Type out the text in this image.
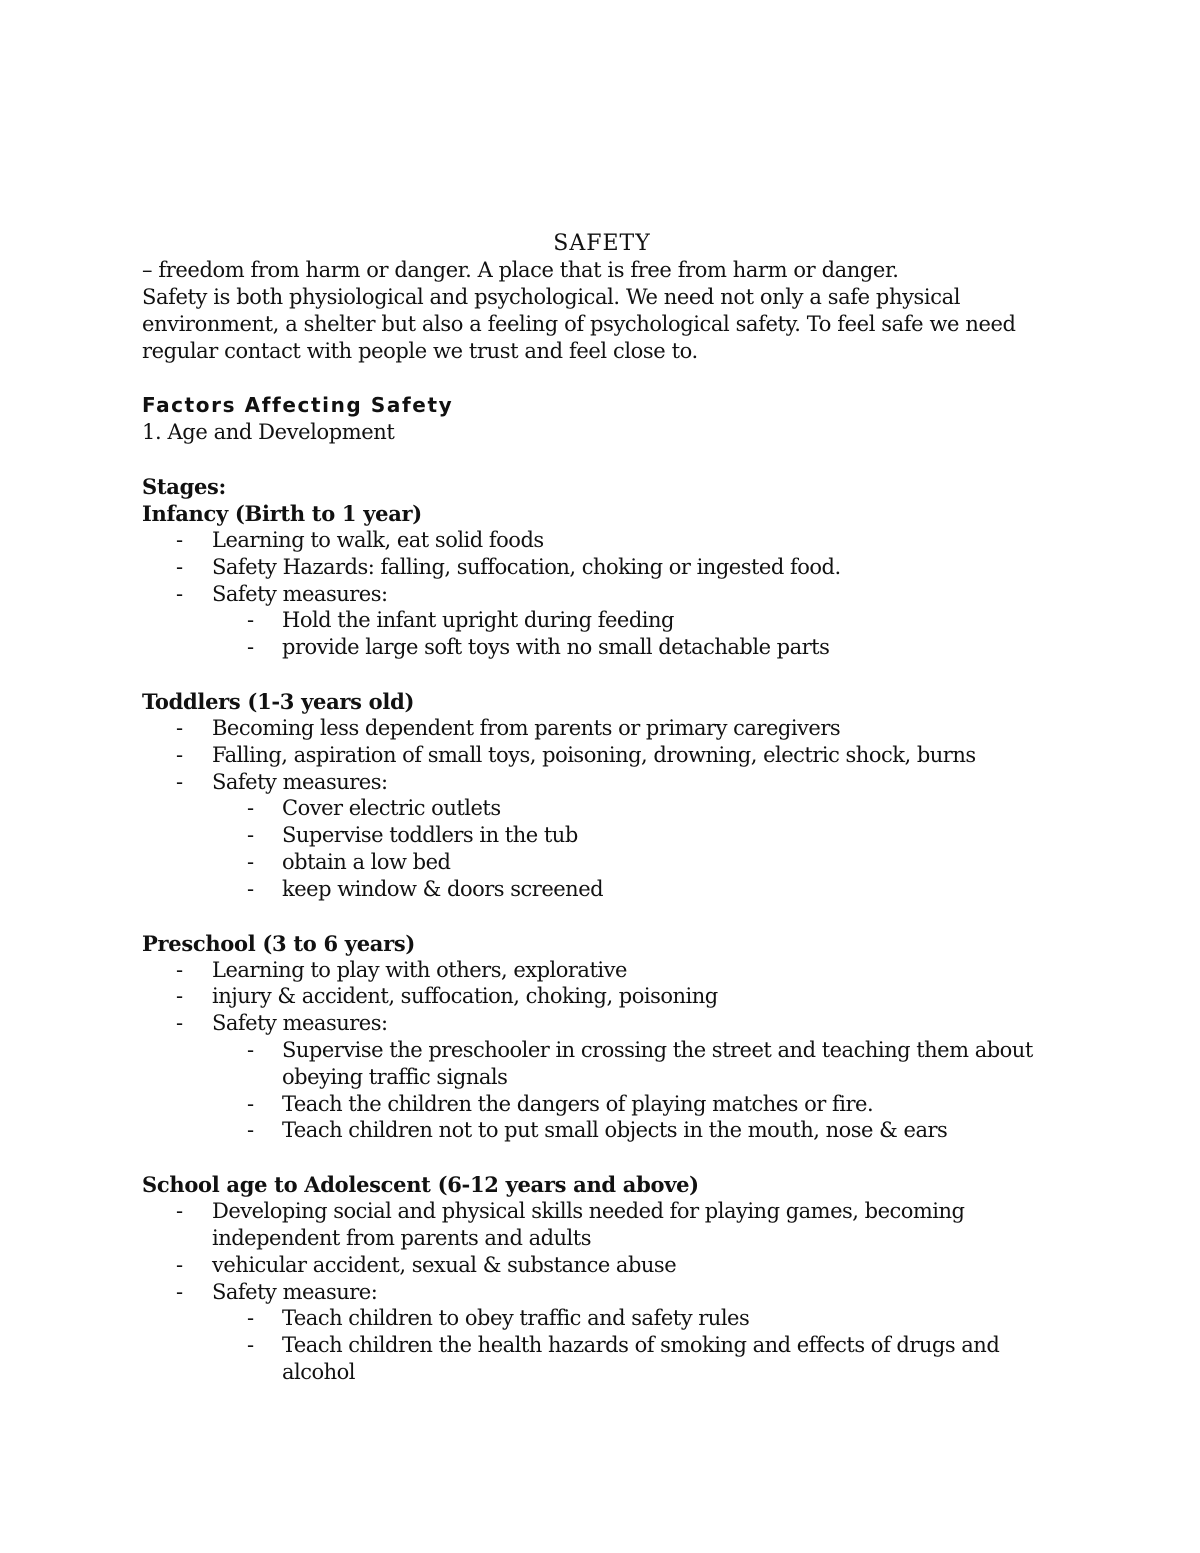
SAFETY

– freedom from harm or danger. A place that is free from harm or danger.

Safety is both physiological and psychological. We need not only a safe physical environment, a shelter but also a feeling of psychological safety. To feel safe we need regular contact with people we trust and feel close to.

Factors Affecting Safety

1. Age and Development

Stages:

Infancy (Birth to 1 year)

- Learning to walk, eat solid foods
- Safety Hazards: falling, suffocation, choking or ingested food.
- Safety measures:
- Hold the infant upright during feeding
- provide large soft toys with no small detachable parts

Toddlers (1-3 years old)

- Becoming less dependent from parents or primary caregivers
- Falling, aspiration of small toys, poisoning, drowning, electric shock, burns
- Safety measures:
- Cover electric outlets
- Supervise toddlers in the tub
- obtain a low bed
- keep window & doors screened

Preschool (3 to 6 years)

- Learning to play with others, explorative
- injury & accident, suffocation, choking, poisoning
- Safety measures:
- Supervise the preschooler in crossing the street and teaching them about obeying traffic signals
- Teach the children the dangers of playing matches or fire.
- Teach children not to put small objects in the mouth, nose & ears

School age to Adolescent (6-12 years and above)

- Developing social and physical skills needed for playing games, becoming independent from parents and adults
- vehicular accident, sexual & substance abuse
- Safety measure:
- Teach children to obey traffic and safety rules
- Teach children the health hazards of smoking and effects of drugs and alcohol
